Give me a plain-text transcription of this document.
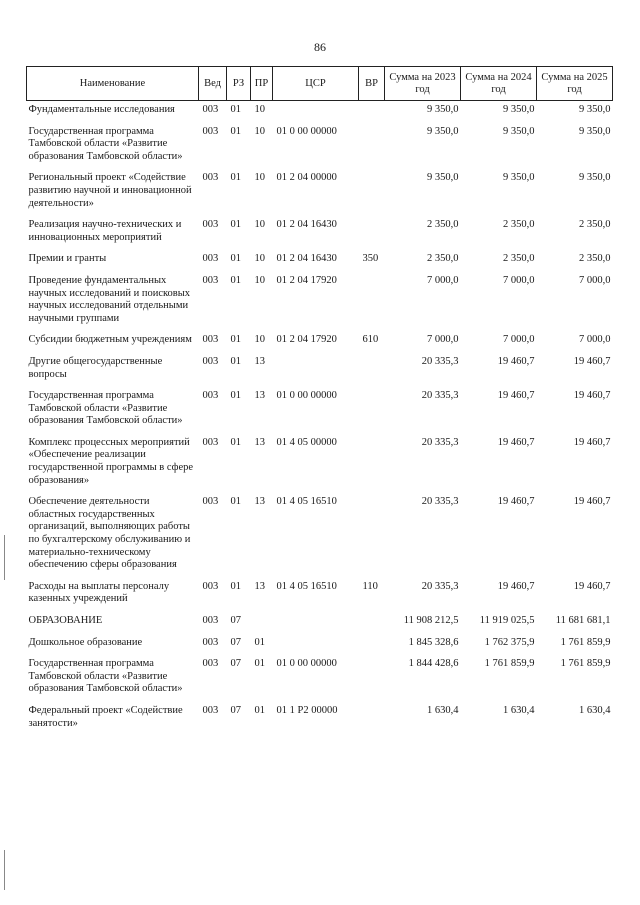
86
Наименование	Вед	РЗ	ПР	ЦСР	ВР	Сумма на 2023 год	Сумма на 2024 год	Сумма на 2025 год
Фундаментальные исследования	003	01	10			9 350,0	9 350,0	9 350,0
Государственная программа Тамбовской области «Развитие образования Тамбовской области»	003	01	10	01 0 00 00000		9 350,0	9 350,0	9 350,0
Региональный проект «Содействие развитию научной и инновационной деятельности»	003	01	10	01 2 04 00000		9 350,0	9 350,0	9 350,0
Реализация научно-технических и инновационных мероприятий	003	01	10	01 2 04 16430		2 350,0	2 350,0	2 350,0
Премии и гранты	003	01	10	01 2 04 16430	350	2 350,0	2 350,0	2 350,0
Проведение фундаментальных научных исследований и поисковых научных исследований отдельными научными группами	003	01	10	01 2 04 17920		7 000,0	7 000,0	7 000,0
Субсидии бюджетным учреждениям	003	01	10	01 2 04 17920	610	7 000,0	7 000,0	7 000,0
Другие общегосударственные вопросы	003	01	13			20 335,3	19 460,7	19 460,7
Государственная программа Тамбовской области «Развитие образования Тамбовской области»	003	01	13	01 0 00 00000		20 335,3	19 460,7	19 460,7
Комплекс процессных мероприятий «Обеспечение реализации государственной программы в сфере образования»	003	01	13	01 4 05 00000		20 335,3	19 460,7	19 460,7
Обеспечение деятельности областных государственных организаций, выполняющих работы по бухгалтерскому обслуживанию и материально-техническому обеспечению сферы образования	003	01	13	01 4 05 16510		20 335,3	19 460,7	19 460,7
Расходы на выплаты персоналу казенных учреждений	003	01	13	01 4 05 16510	110	20 335,3	19 460,7	19 460,7
ОБРАЗОВАНИЕ	003	07				11 908 212,5	11 919 025,5	11 681 681,1
Дошкольное образование	003	07	01			1 845 328,6	1 762 375,9	1 761 859,9
Государственная программа Тамбовской области «Развитие образования Тамбовской области»	003	07	01	01 0 00 00000		1 844 428,6	1 761 859,9	1 761 859,9
Федеральный проект «Содействие занятости»	003	07	01	01 1 P2 00000		1 630,4	1 630,4	1 630,4
